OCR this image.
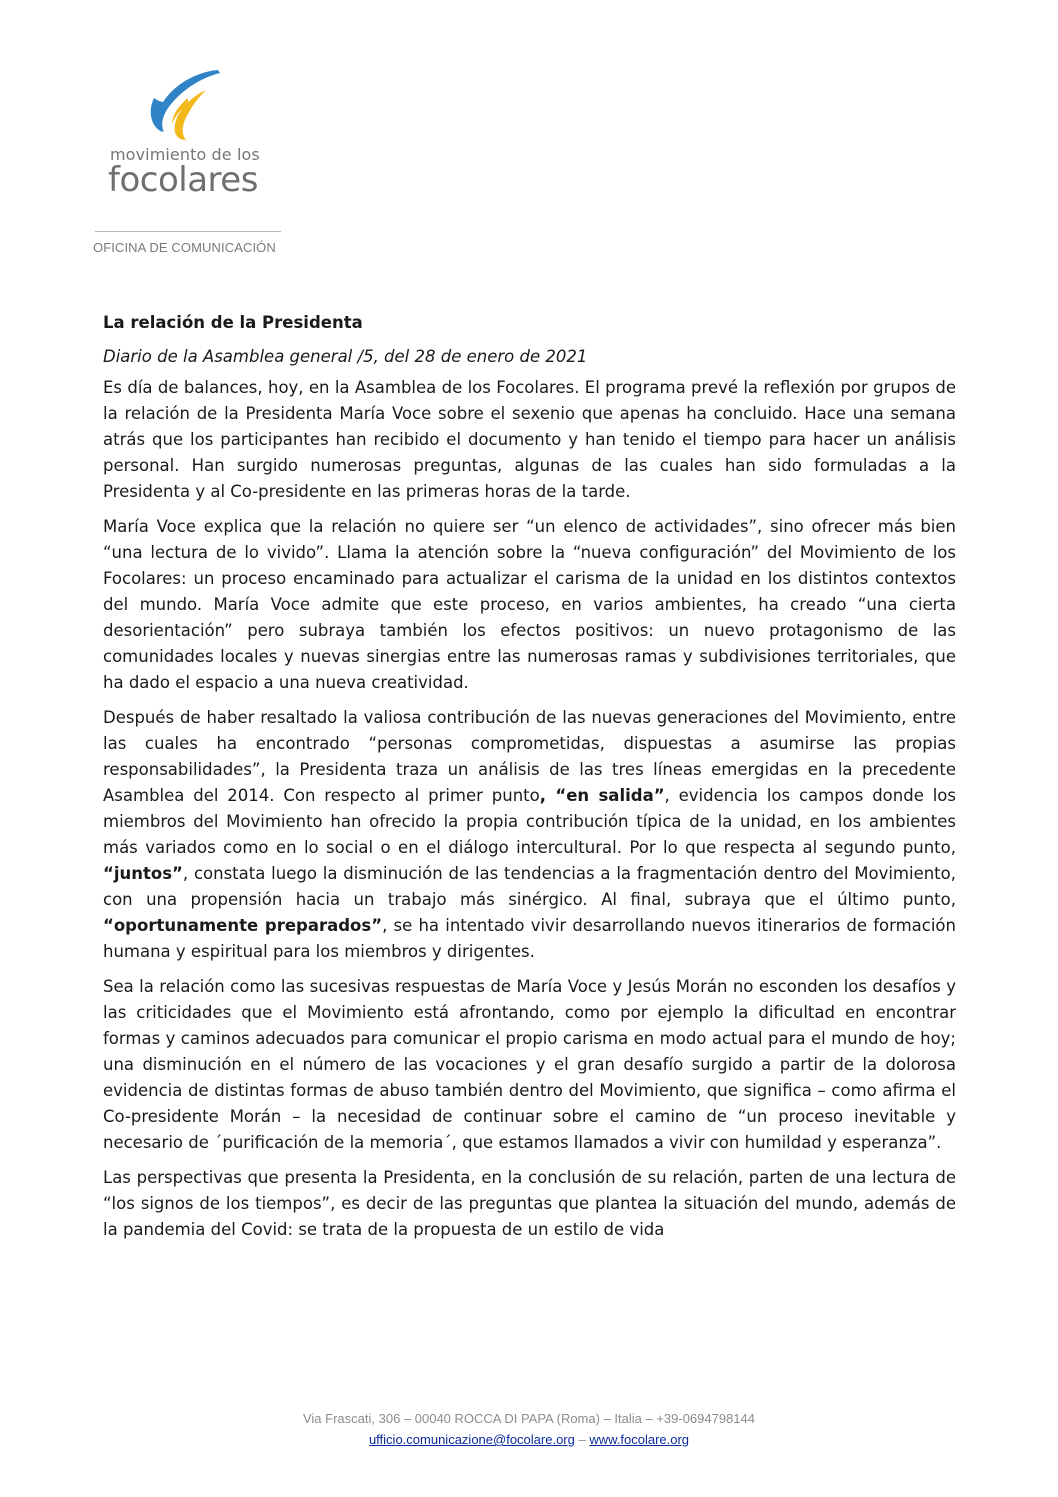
movimiento de los
focolares
OFICINA DE COMUNICACIÓN
La relación de la Presidenta
Diario de la Asamblea general /5, del 28 de enero de 2021

Es día de balances, hoy, en la Asamblea de los Focolares. El programa prevé la reflexión por grupos de la relación de la Presidenta María Voce sobre el sexenio que apenas ha concluido. Hace una semana atrás que los participantes han recibido el documento y han tenido el tiempo para hacer un análisis personal. Han surgido numerosas preguntas, algunas de las cuales han sido formuladas a la Presidenta y al Co-presidente en las primeras horas de la tarde.

María Voce explica que la relación no quiere ser “un elenco de actividades”, sino ofrecer más bien “una lectura de lo vivido”. Llama la atención sobre la “nueva configuración” del Movimiento de los Focolares: un proceso encaminado para actualizar el carisma de la unidad en los distintos contextos del mundo. María Voce admite que este proceso, en varios ambientes, ha creado “una cierta desorientación” pero subraya también los efectos positivos: un nuevo protagonismo de las comunidades locales y nuevas sinergias entre las numerosas ramas y subdivisiones territoriales, que ha dado el espacio a una nueva creatividad.

Después de haber resaltado la valiosa contribución de las nuevas generaciones del Movimiento, entre las cuales ha encontrado “personas comprometidas, dispuestas a asumirse las propias responsabilidades”, la Presidenta traza un análisis de las tres líneas emergidas en la precedente Asamblea del 2014. Con respecto al primer punto, “en salida”, evidencia los campos donde los miembros del Movimiento han ofrecido la propia contribución típica de la unidad, en los ambientes más variados como en lo social o en el diálogo intercultural. Por lo que respecta al segundo punto, “juntos”, constata luego la disminución de las tendencias a la fragmentación dentro del Movimiento, con una propensión hacia un trabajo más sinérgico. Al final, subraya que el último punto, “oportunamente preparados”, se ha intentado vivir desarrollando nuevos itinerarios de formación humana y espiritual para los miembros y dirigentes.

Sea la relación como las sucesivas respuestas de María Voce y Jesús Morán no esconden los desafíos y las criticidades que el Movimiento está afrontando, como por ejemplo la dificultad en encontrar formas y caminos adecuados para comunicar el propio carisma en modo actual para el mundo de hoy; una disminución en el número de las vocaciones y el gran desafío surgido a partir de la dolorosa evidencia de distintas formas de abuso también dentro del Movimiento, que significa – como afirma el Co-presidente Morán – la necesidad de continuar sobre el camino de “un proceso inevitable y necesario de ´purificación de la memoria´, que estamos llamados a vivir con humildad y esperanza”.

Las perspectivas que presenta la Presidenta, en la conclusión de su relación, parten de una lectura de “los signos de los tiempos”, es decir de las preguntas que plantea la situación del mundo, además de la pandemia del Covid: se trata de la propuesta de un estilo de vida

Via Frascati, 306 – 00040 ROCCA DI PAPA (Roma) – Italia – +39-0694798144
ufficio.comunicazione@focolare.org – www.focolare.org
